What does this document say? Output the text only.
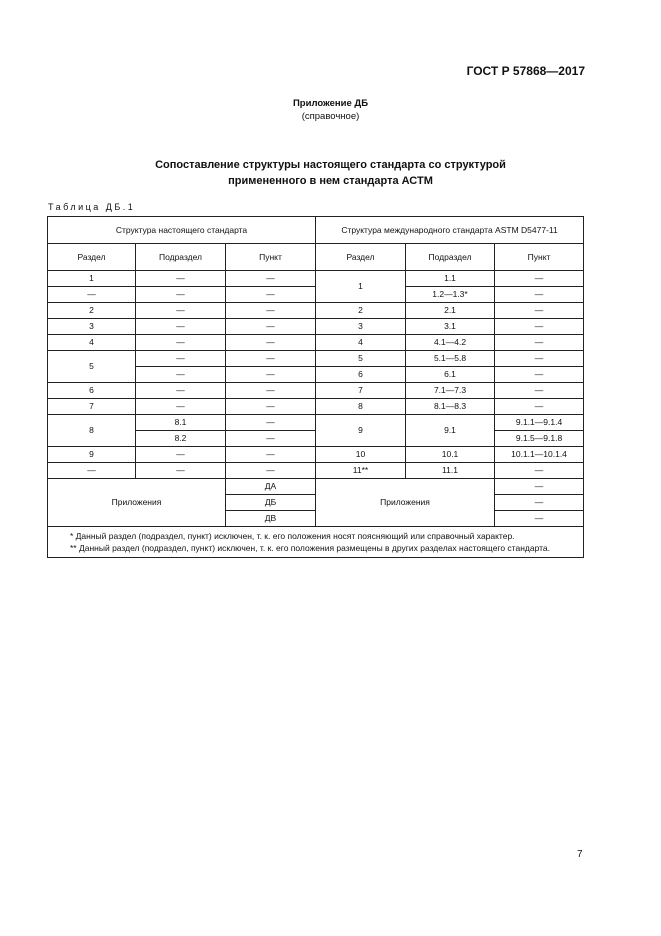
ГОСТ Р 57868—2017
Приложение ДБ
(справочное)
Сопоставление структуры настоящего стандарта со структурой
примененного в нем стандарта АСТМ
Таблица ДБ.1
Структура настоящего стандарта			Структура международного стандарта ASTM D5477-11		
Раздел	Подраздел	Пункт	Раздел	Подраздел	Пункт
1	—	—	1	1.1	—
—	—	—		1.2—1.3*	—
2	—	—	2	2.1	—
3	—	—	3	3.1	—
4	—	—	4	4.1—4.2	—
5	—	—	5	5.1—5.8	—
	—	—	6	6.1	—
6	—	—	7	7.1—7.3	—
7	—	—	8	8.1—8.3	—
8	8.1	—	9	9.1	9.1.1—9.1.4
	8.2	—			9.1.5—9.1.8
9	—	—	10	10.1	10.1.1—10.1.4
—	—	—	11**	11.1	—
Приложения		ДА	Приложения		—
		ДБ			—
		ДВ			—

* Данный раздел (подраздел, пункт) исключен, т. к. его положения носят поясняющий или справочный характер.
** Данный раздел (подраздел, пункт) исключен, т. к. его положения размещены в других разделах настоящего стандарта.					
7
